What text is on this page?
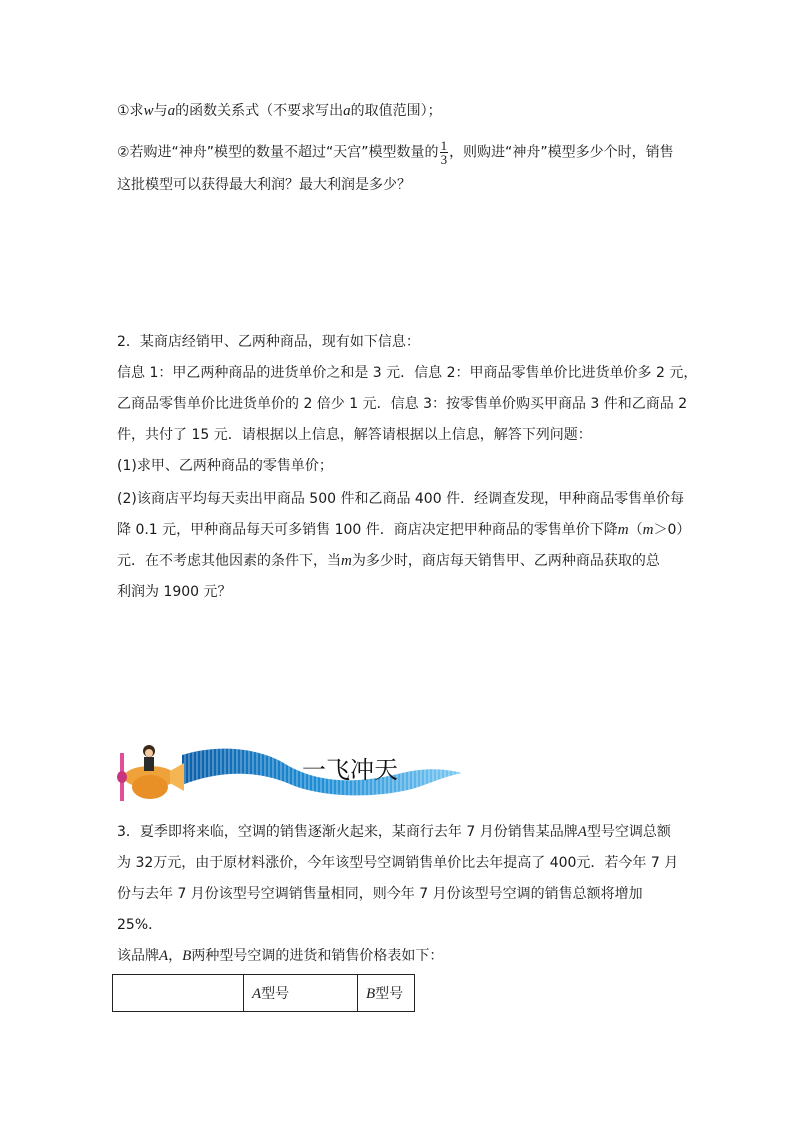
①求w与a的函数关系式（不要求写出a的取值范围）；
②若购进“神舟”模型的数量不超过“天宫”模型数量的 $\frac{1}{3}$ ，则购进“神舟”模型多少个时，销售
这批模型可以获得最大利润？最大利润是多少？
2．某商店经销甲、乙两种商品，现有如下信息：
信息 1：甲乙两种商品的进货单价之和是 3 元．信息 2：甲商品零售单价比进货单价多 2 元，
乙商品零售单价比进货单价的 2 倍少 1 元．信息 3：按零售单价购买甲商品 3 件和乙商品 2
件，共付了 15 元．请根据以上信息，解答请根据以上信息，解答下列问题：
(1)求甲、乙两种商品的零售单价；
(2)该商店平均每天卖出甲商品 500 件和乙商品 400 件．经调查发现，甲种商品零售单价每
降 0.1 元，甲种商品每天可多销售 100 件．商店决定把甲种商品的零售单价下降m（m＞0）
元．在不考虑其他因素的条件下，当m为多少时，商店每天销售甲、乙两种商品获取的总
利润为 1900 元？
一飞冲天
3．夏季即将来临，空调的销售逐渐火起来，某商行去年 7 月份销售某品牌A型号空调总额
为 32万元，由于原材料涨价，今年该型号空调销售单价比去年提高了 400元．若今年 7 月
份与去年 7 月份该型号空调销售量相同，则今年 7 月份该型号空调的销售总额将增加
25%．
该品牌A，B两种型号空调的进货和销售价格表如下：
	A型号	B型号
